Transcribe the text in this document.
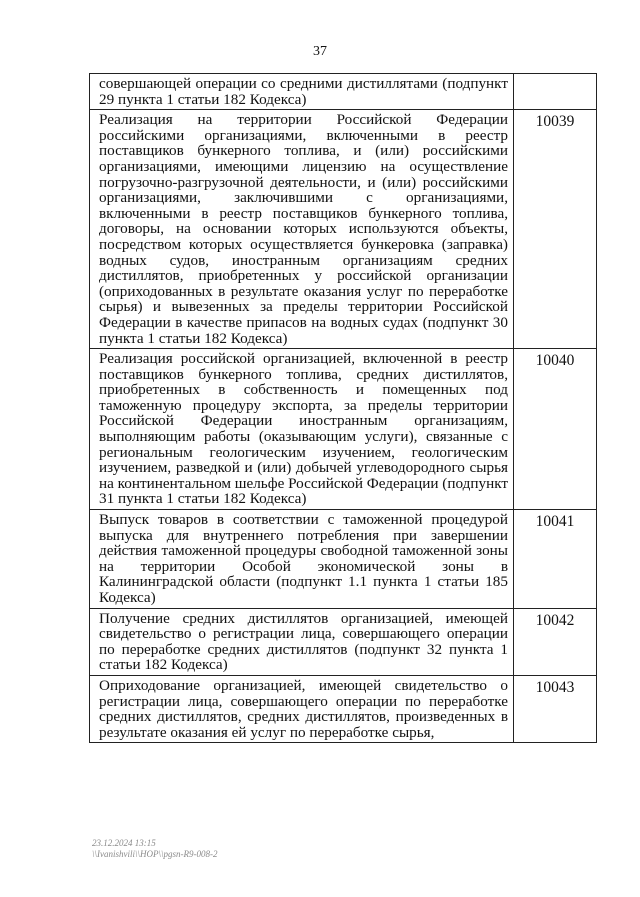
37
совершающей операции со средними дистиллятами (подпункт 29 пункта 1 статьи 182 Кодекса)	
Реализация на территории Российской Федерации российскими организациями, включенными в реестр поставщиков бункерного топлива, и (или) российскими организациями, имеющими лицензию на осуществление погрузочно-разгрузочной деятельности, и (или) российскими организациями, заключившими с организациями, включенными в реестр поставщиков бункерного топлива, договоры, на основании которых используются объекты, посредством которых осуществляется бункеровка (заправка) водных судов, иностранным организациям средних дистиллятов, приобретенных у российской организации (оприходованных в результате оказания услуг по переработке сырья) и вывезенных за пределы территории Российской Федерации в качестве припасов на водных судах (подпункт 30 пункта 1 статьи 182 Кодекса)	10039
Реализация российской организацией, включенной в реестр поставщиков бункерного топлива, средних дистиллятов, приобретенных в собственность и помещенных под таможенную процедуру экспорта, за пределы территории Российской Федерации иностранным организациям, выполняющим работы (оказывающим услуги), связанные с региональным геологическим изучением, геологическим изучением, разведкой и (или) добычей углеводородного сырья на континентальном шельфе Российской Федерации (подпункт 31 пункта 1 статьи 182 Кодекса)	10040
Выпуск товаров в соответствии с таможенной процедурой выпуска для внутреннего потребления при завершении действия таможенной процедуры свободной таможенной зоны на территории Особой экономической зоны в Калининградской области (подпункт 1.1 пункта 1 статьи 185 Кодекса)	10041
Получение средних дистиллятов организацией, имеющей свидетельство о регистрации лица, совершающего операции по переработке средних дистиллятов (подпункт 32 пункта 1 статьи 182 Кодекса)	10042
Оприходование организацией, имеющей свидетельство о регистрации лица, совершающего операции по переработке средних дистиллятов, средних дистиллятов, произведенных в результате оказания ей услуг по переработке сырья,	10043
23.12.2024 13:15
\\Ivanishvili\\HOP\\pgsn-R9-008-2
